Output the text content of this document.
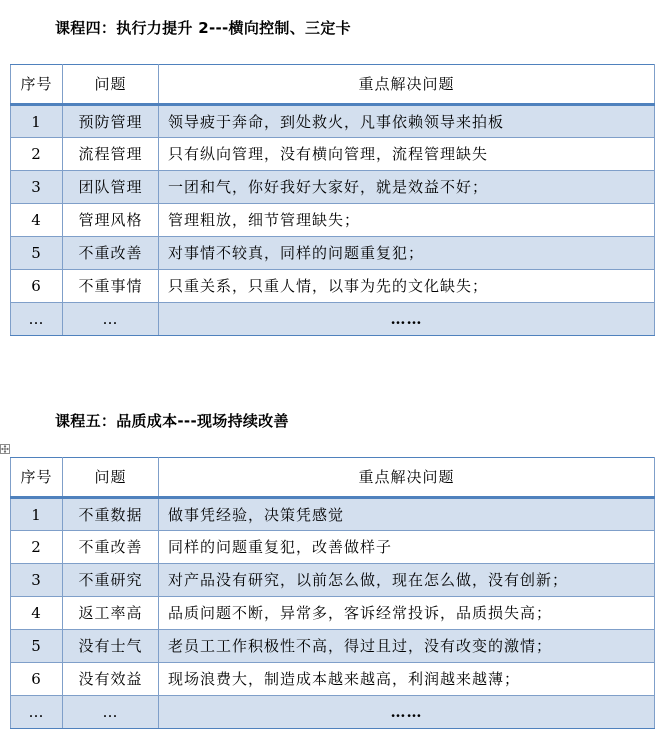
课程四：执行力提升 2---横向控制、三定卡
序号	问题	重点解决问题
1	预防管理	领导疲于奔命，到处救火，凡事依赖领导来拍板
2	流程管理	只有纵向管理，没有横向管理，流程管理缺失
3	团队管理	一团和气，你好我好大家好，就是效益不好；
4	管理风格	管理粗放，细节管理缺失；
5	不重改善	对事情不较真，同样的问题重复犯；
6	不重事情	只重关系，只重人情，以事为先的文化缺失；
…	…	……
课程五：品质成本---现场持续改善
序号	问题	重点解决问题
1	不重数据	做事凭经验，决策凭感觉
2	不重改善	同样的问题重复犯，改善做样子
3	不重研究	对产品没有研究，以前怎么做，现在怎么做，没有创新；
4	返工率高	品质问题不断，异常多，客诉经常投诉，品质损失高；
5	没有士气	老员工工作积极性不高，得过且过，没有改变的激情；
6	没有效益	现场浪费大，制造成本越来越高，利润越来越薄；
…	…	……
